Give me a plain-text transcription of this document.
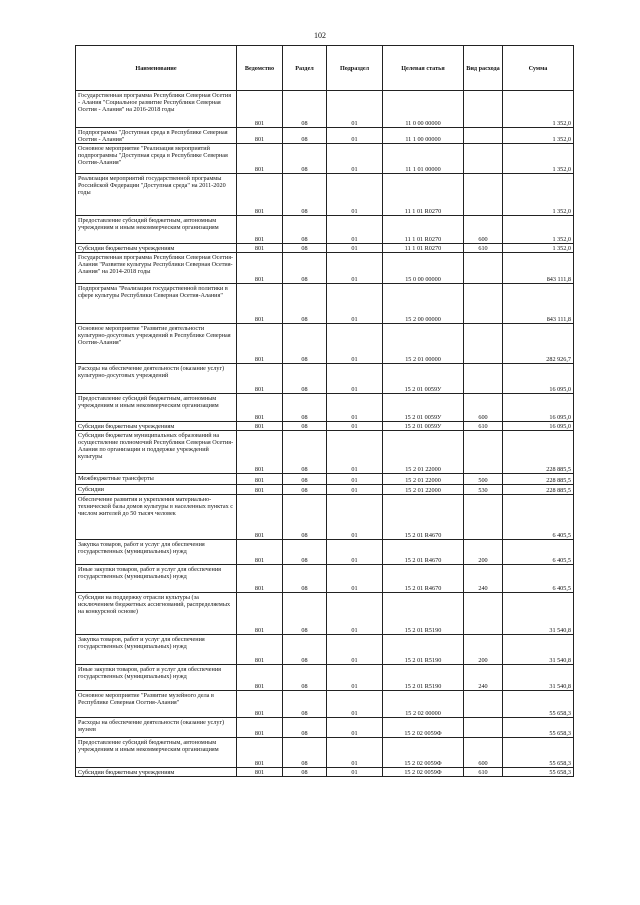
102
Наименование	Ведомство	Раздел	Подраздел	Целевая статья	Вид расхода	Сумма
Государственная программа Республики Северная Осетия - Алания "Социальное развитие Республики Северная Осетия - Алания" на 2016-2018 годы	801	08	01	11 0 00 00000		1 352,0
Подпрограмма "Доступная среда в Республике Северная Осетия - Алания"	801	08	01	11 1 00 00000		1 352,0
Основное мероприятие "Реализация мероприятий подпрограммы "Доступная среда в Республике Северная Осетия-Алания"	801	08	01	11 1 01 00000		1 352,0
Реализация мероприятий государственной программы Российской Федерации "Доступная среда" на 2011-2020 годы	801	08	01	11 1 01 R0270		1 352,0
Предоставление субсидий бюджетным, автономным учреждениям и иным некоммерческим организациям	801	08	01	11 1 01 R0270	600	1 352,0
Субсидии бюджетным учреждениям	801	08	01	11 1 01 R0270	610	1 352,0
Государственная программа Республики Северная Осетия-Алания "Развитие культуры Республики Северная Осетия-Алания" на 2014-2018 годы	801	08	01	15 0 00 00000		843 111,8
Подпрограмма "Реализация государственной политики в сфере культуры Республики Северная Осетия-Алания"	801	08	01	15 2 00 00000		843 111,8
Основное мероприятие "Развитие деятельности культурно-досуговых учреждений в Республике Северная Осетия-Алания"	801	08	01	15 2 01 00000		282 926,7
Расходы на обеспечение деятельности (оказание услуг) культурно-досуговых учреждений	801	08	01	15 2 01 0059У		16 095,0
Предоставление субсидий бюджетным, автономным учреждениям и иным некоммерческим организациям	801	08	01	15 2 01 0059У	600	16 095,0
Субсидии бюджетным учреждениям	801	08	01	15 2 01 0059У	610	16 095,0
Субсидии бюджетам муниципальных образований на осуществление полномочий Республики Северная Осетия-Алания по организации и поддержке учреждений культуры	801	08	01	15 2 01 22000		228 885,5
Межбюджетные трансферты	801	08	01	15 2 01 22000	500	228 885,5
Субсидии	801	08	01	15 2 01 22000	530	228 885,5
Обеспечение развития и укрепления материально-технической базы домов культуры в населенных пунктах с числом жителей до 50 тысяч человек	801	08	01	15 2 01 R4670		6 405,5
Закупка товаров, работ и услуг для обеспечения государственных (муниципальных) нужд	801	08	01	15 2 01 R4670	200	6 405,5
Иные закупки товаров, работ и услуг для обеспечения государственных (муниципальных) нужд	801	08	01	15 2 01 R4670	240	6 405,5
Субсидии на поддержку отрасли культуры (за исключением бюджетных ассигнований, распределяемых на конкурсной основе)	801	08	01	15 2 01 R5190		31 540,8
Закупка товаров, работ и услуг для обеспечения государственных (муниципальных) нужд	801	08	01	15 2 01 R5190	200	31 540,8
Иные закупки товаров, работ и услуг для обеспечения государственных (муниципальных) нужд	801	08	01	15 2 01 R5190	240	31 540,8
Основное мероприятие "Развитие музейного дела в Республике Северная Осетия-Алания"	801	08	01	15 2 02 00000		55 658,3
Расходы на обеспечение деятельности (оказание услуг) музеев	801	08	01	15 2 02 0059Ф		55 658,3
Предоставление субсидий бюджетным, автономным учреждениям и иным некоммерческим организациям	801	08	01	15 2 02 0059Ф	600	55 658,3
Субсидии бюджетным учреждениям	801	08	01	15 2 02 0059Ф	610	55 658,3
